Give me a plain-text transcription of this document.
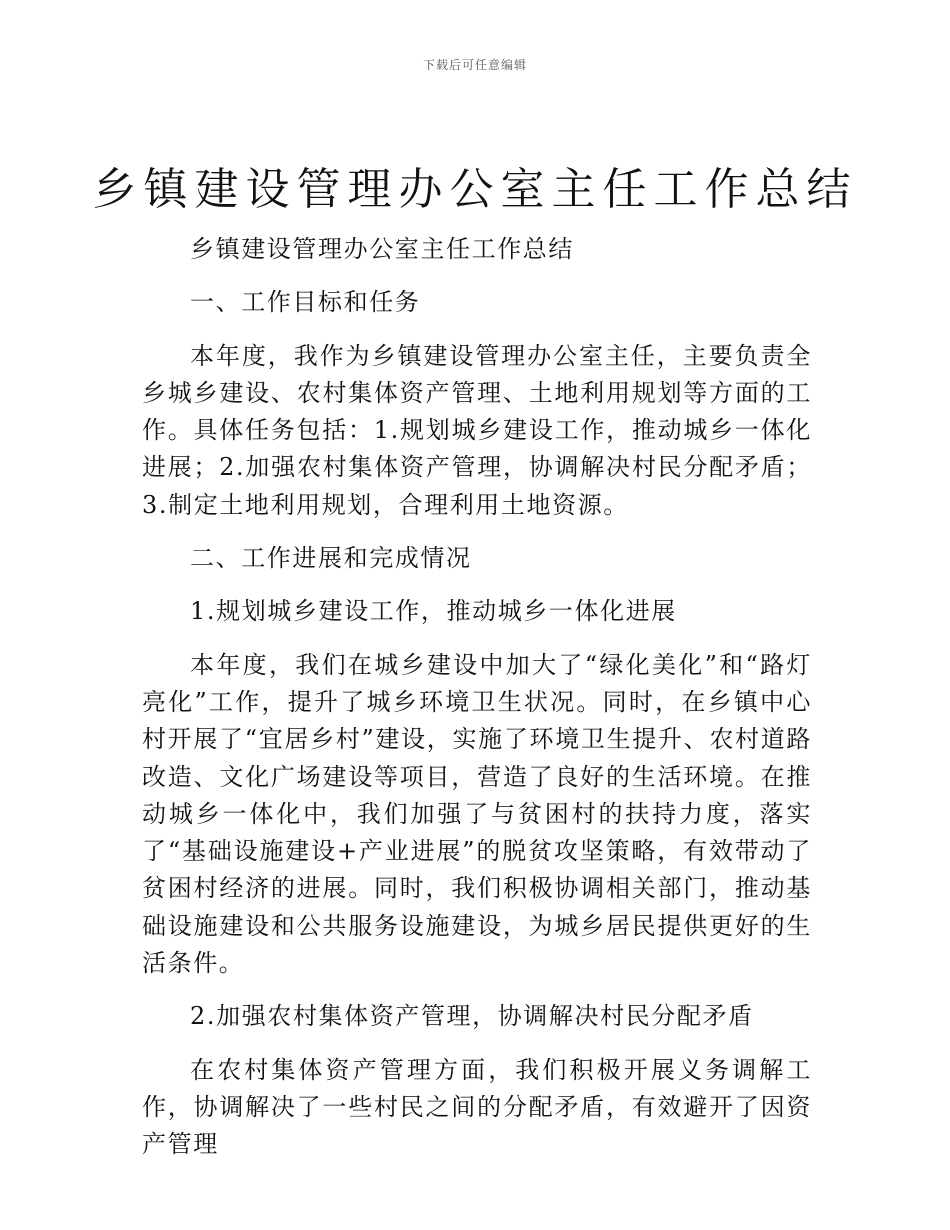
下载后可任意编辑
乡镇建设管理办公室主任工作总结

乡镇建设管理办公室主任工作总结

一、工作目标和任务

本年度，我作为乡镇建设管理办公室主任，主要负责全乡城乡建设、农村集体资产管理、土地利用规划等方面的工作。具体任务包括：1.规划城乡建设工作，推动城乡一体化进展；2.加强农村集体资产管理，协调解决村民分配矛盾；3.制定土地利用规划，合理利用土地资源。

二、工作进展和完成情况

1.规划城乡建设工作，推动城乡一体化进展

本年度，我们在城乡建设中加大了“绿化美化”和“路灯亮化”工作，提升了城乡环境卫生状况。同时，在乡镇中心村开展了“宜居乡村”建设，实施了环境卫生提升、农村道路改造、文化广场建设等项目，营造了良好的生活环境。在推动城乡一体化中，我们加强了与贫困村的扶持力度，落实了“基础设施建设+产业进展”的脱贫攻坚策略，有效带动了贫困村经济的进展。同时，我们积极协调相关部门，推动基础设施建设和公共服务设施建设，为城乡居民提供更好的生活条件。

2.加强农村集体资产管理，协调解决村民分配矛盾

在农村集体资产管理方面，我们积极开展义务调解工作，协调解决了一些村民之间的分配矛盾，有效避开了因资产管理
